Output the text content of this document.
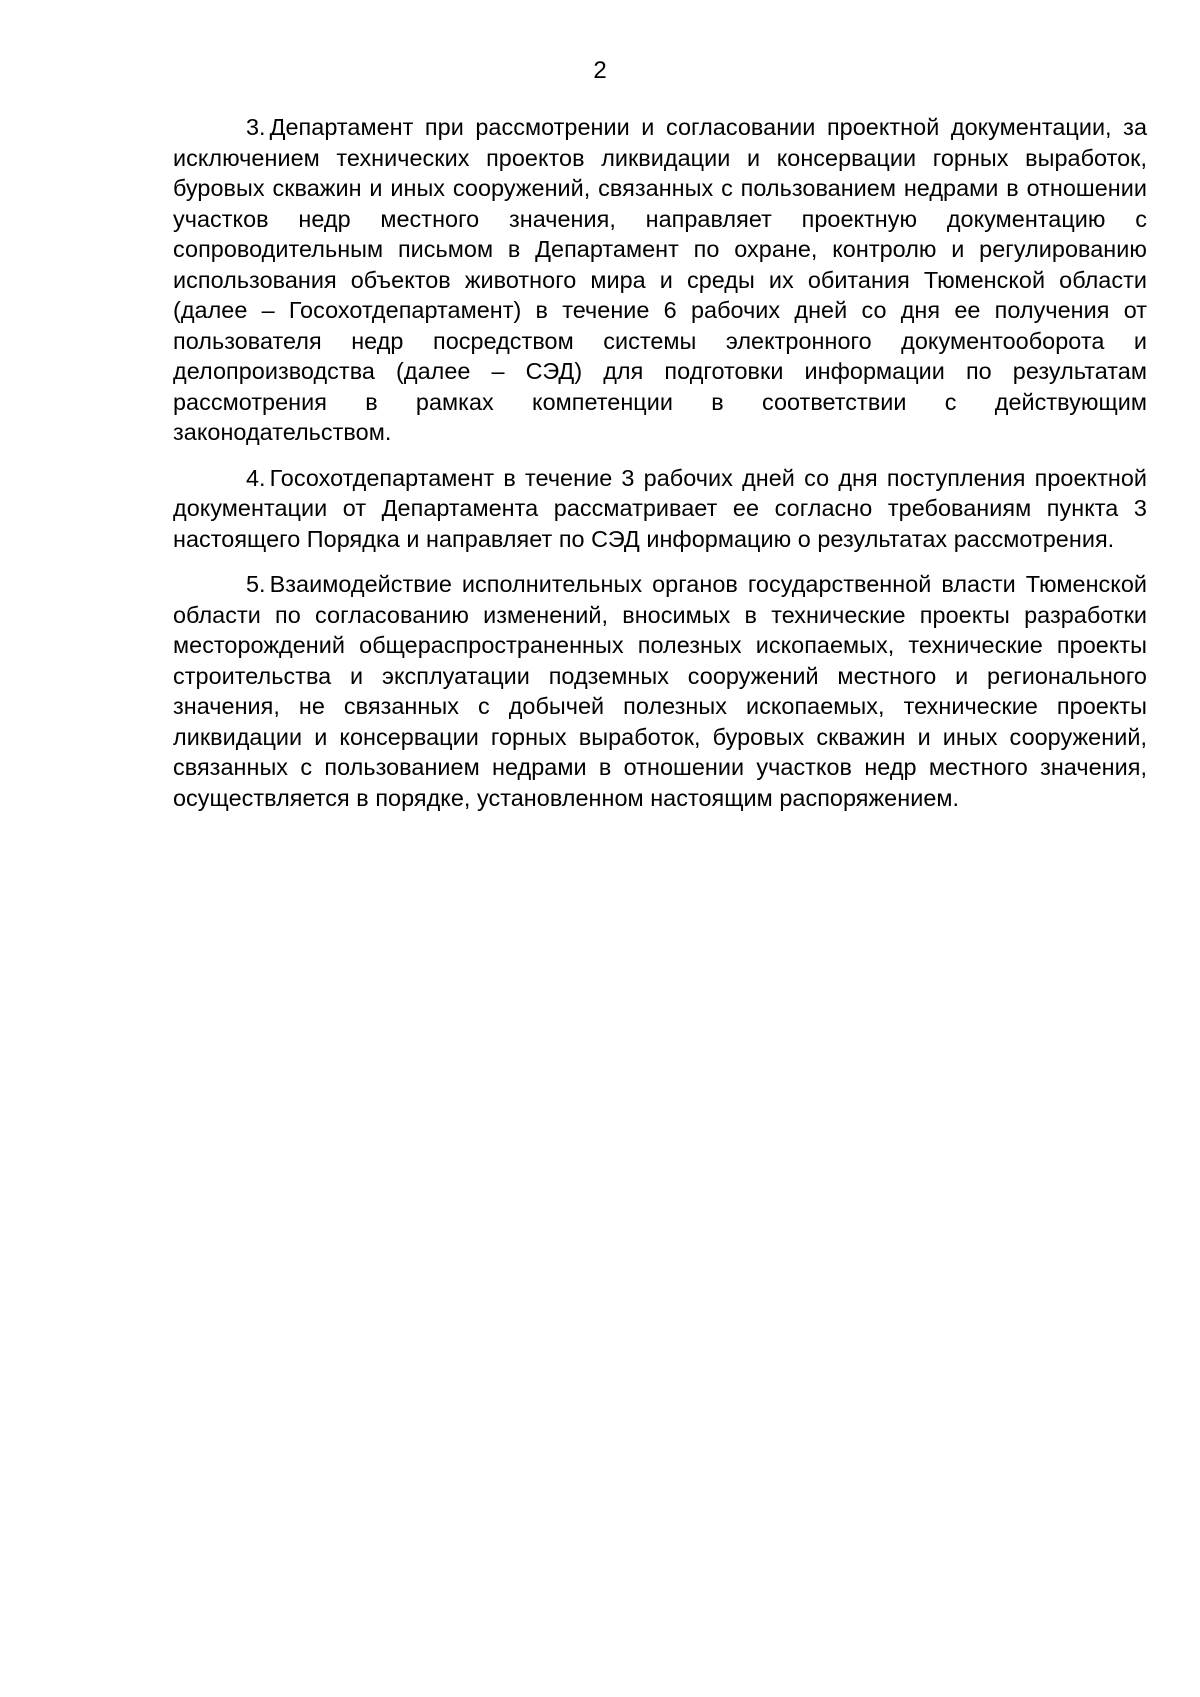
2

3. Департамент при рассмотрении и согласовании проектной документации, за исключением технических проектов ликвидации и консервации горных выработок, буровых скважин и иных сооружений, связанных с пользованием недрами в отношении участков недр местного значения, направляет проектную документацию с сопроводительным письмом в Департамент по охране, контролю и регулированию использования объектов животного мира и среды их обитания Тюменской области (далее – Госохотдепартамент) в течение 6 рабочих дней со дня ее получения от пользователя недр посредством системы электронного документооборота и делопроизводства (далее – СЭД) для подготовки информации по результатам рассмотрения в рамках компетенции в соответствии с действующим законодательством.

4. Госохотдепартамент в течение 3 рабочих дней со дня поступления проектной документации от Департамента рассматривает ее согласно требованиям пункта 3 настоящего Порядка и направляет по СЭД информацию о результатах рассмотрения.

5. Взаимодействие исполнительных органов государственной власти Тюменской области по согласованию изменений, вносимых в технические проекты разработки месторождений общераспространенных полезных ископаемых, технические проекты строительства и эксплуатации подземных сооружений местного и регионального значения, не связанных с добычей полезных ископаемых, технические проекты ликвидации и консервации горных выработок, буровых скважин и иных сооружений, связанных с пользованием недрами в отношении участков недр местного значения, осуществляется в порядке, установленном настоящим распоряжением.
